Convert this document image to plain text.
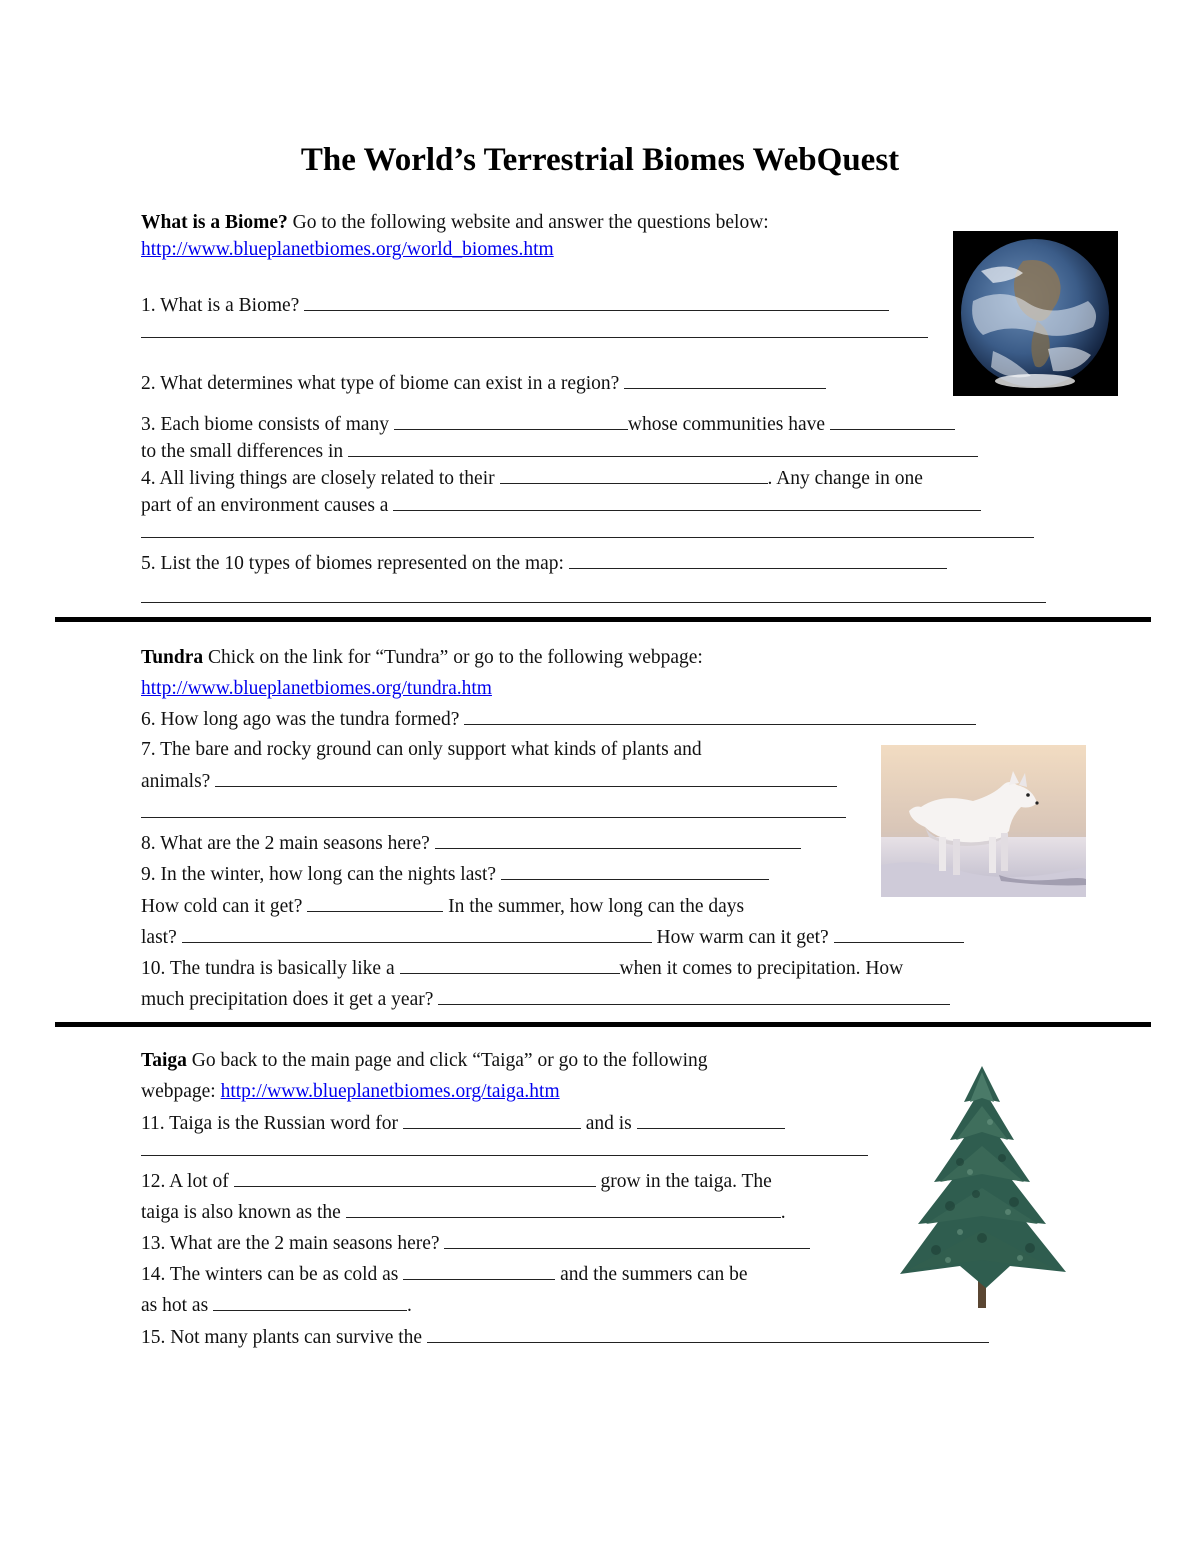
The World’s Terrestrial Biomes WebQuest
What is a Biome? Go to the following website and answer the questions below:
http://www.blueplanetbiomes.org/world_biomes.htm
1. What is a Biome?
2. What determines what type of biome can exist in a region?
3. Each biome consists of many	whose communities have
to the small differences in
4. All living things are closely related to their	. Any change in one
part of an environment causes a
5. List the 10 types of biomes represented on the map:
Tundra Chick on the link for “Tundra” or go to the following webpage:
http://www.blueplanetbiomes.org/tundra.htm
6. How long ago was the tundra formed?
7. The bare and rocky ground can only support what kinds of plants and
animals?
8. What are the 2 main seasons here?
9. In the winter, how long can the nights last?
How cold can it get?	In the summer, how long can the days
last?	How warm can it get?
10. The tundra is basically like a	when it comes to precipitation. How
much precipitation does it get a year?
Taiga Go back to the main page and click “Taiga” or go to the following
webpage: http://www.blueplanetbiomes.org/taiga.htm
11. Taiga is the Russian word for	and is
12. A lot of	grow in the taiga. The
taiga is also known as the	.
13. What are the 2 main seasons here?
14. The winters can be as cold as	and the summers can be
as hot as	.
15. Not many plants can survive the
